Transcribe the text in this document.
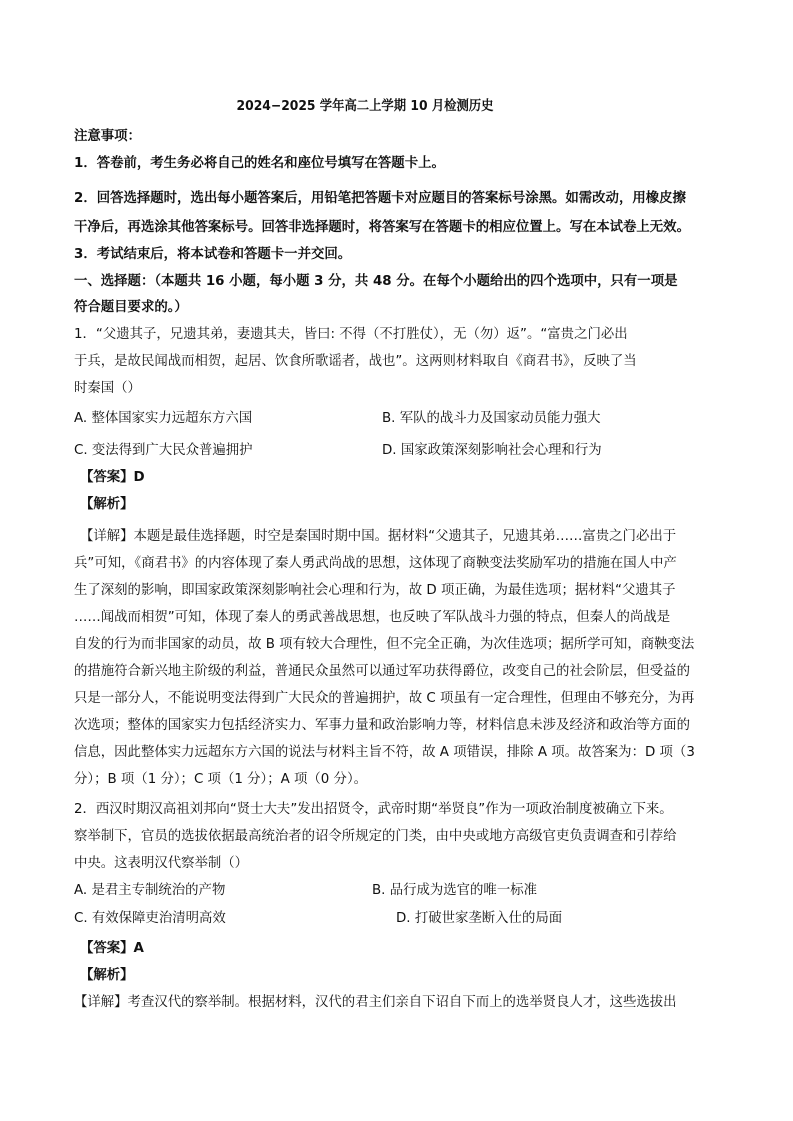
2024−2025 学年高二上学期 10 月检测历史
注意事项：
1．答卷前，考生务必将自己的姓名和座位号填写在答题卡上。
2．回答选择题时，选出每小题答案后，用铅笔把答题卡对应题目的答案标号涂黑。如需改动，用橡皮擦
干净后，再选涂其他答案标号。回答非选择题时，将答案写在答题卡的相应位置上。写在本试卷上无效。
3．考试结束后，将本试卷和答题卡一并交回。
一、选择题：（本题共 16 小题，每小题 3 分，共 48 分。在每个小题给出的四个选项中，只有一项是
符合题目要求的。）
1．“父遗其子，兄遗其弟，妻遗其夫，皆曰: 不得（不打胜仗），无（勿）返”。“富贵之门必出
于兵，是故民闻战而相贺，起居、饮食所歌谣者，战也”。这两则材料取自《商君书》，反映了当
时秦国（）
A. 整体国家实力远超东方六国	B. 军队的战斗力及国家动员能力强大
C. 变法得到广大民众普遍拥护	D. 国家政策深刻影响社会心理和行为
【答案】D
【解析】
【详解】本题是最佳选择题，时空是秦国时期中国。据材料“父遗其子，兄遗其弟……富贵之门必出于
兵”可知，《商君书》的内容体现了秦人勇武尚战的思想，这体现了商鞅变法奖励军功的措施在国人中产
生了深刻的影响，即国家政策深刻影响社会心理和行为，故 D 项正确，为最佳选项；据材料“父遗其子
……闻战而相贺”可知，体现了秦人的勇武善战思想，也反映了军队战斗力强的特点，但秦人的尚战是
自发的行为而非国家的动员，故 B 项有较大合理性，但不完全正确，为次佳选项；据所学可知，商鞅变法
的措施符合新兴地主阶级的利益，普通民众虽然可以通过军功获得爵位，改变自己的社会阶层，但受益的
只是一部分人，不能说明变法得到广大民众的普遍拥护，故 C 项虽有一定合理性，但理由不够充分，为再
次选项；整体的国家实力包括经济实力、军事力量和政治影响力等，材料信息未涉及经济和政治等方面的
信息，因此整体实力远超东方六国的说法与材料主旨不符，故 A 项错误，排除 A 项。故答案为：D 项（3
分）；B 项（1 分）；C 项（1 分）；A 项（0 分）。
2．西汉时期汉高祖刘邦向“贤士大夫”发出招贤令，武帝时期“举贤良”作为一项政治制度被确立下来。
察举制下，官员的选拔依据最高统治者的诏令所规定的门类，由中央或地方高级官吏负责调查和引荐给
中央。这表明汉代察举制（）
A. 是君主专制统治的产物	B. 品行成为选官的唯一标准
C. 有效保障吏治清明高效	D. 打破世家垄断入仕的局面
【答案】A
【解析】
【详解】考查汉代的察举制。根据材料，汉代的君主们亲自下诏自下而上的选举贤良人才，这些选拔出
